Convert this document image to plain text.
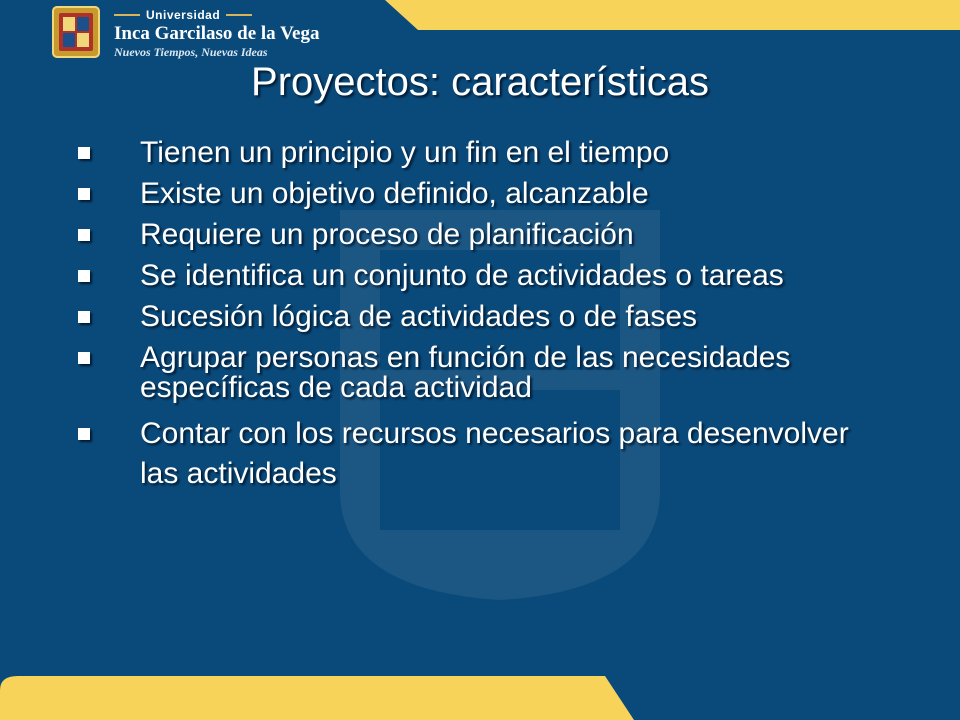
Universidad
Inca Garcilaso de la Vega
Nuevos Tiempos, Nuevas Ideas
Proyectos: características
Tienen un principio y un fin en el tiempo
Existe un objetivo definido, alcanzable
Requiere un proceso de planificación
Se identifica un conjunto de actividades o tareas
Sucesión lógica de actividades o de fases
Agrupar personas en función de las necesidades específicas de cada actividad
Contar con los recursos necesarios para desenvolver las actividades
